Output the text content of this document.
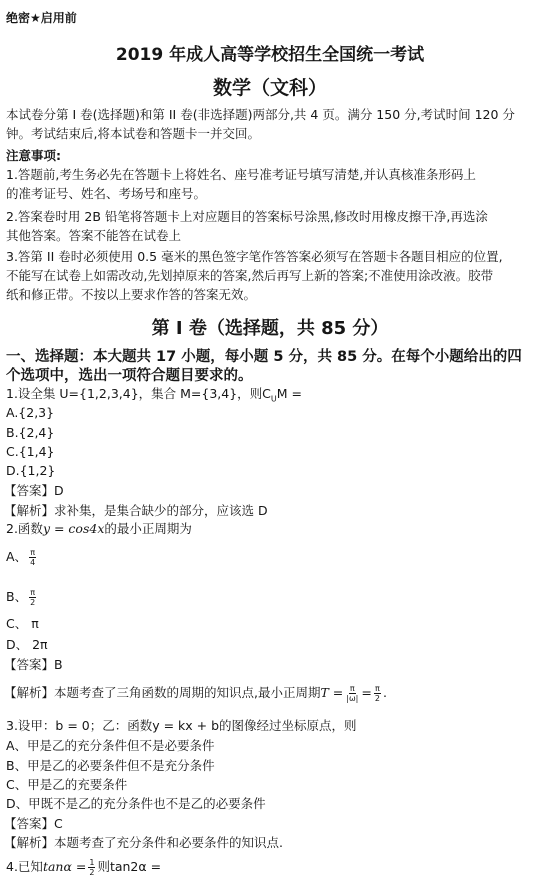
绝密★启用前
2019 年成人高等学校招生全国统一考试
数学（文科）
本试卷分第 I 卷(选择题)和第 II 卷(非选择题)两部分,共 4 页。满分 150 分,考试时间 120 分
钟。考试结束后,将本试卷和答题卡一并交回。
注意事项:
1.答题前,考生务必先在答题卡上将姓名、座号准考证号填写清楚,并认真核准条形码上
的准考证号、姓名、考场号和座号。
2.答案卷时用 2B 铅笔将答题卡上对应题目的答案标号涂黑,修改时用橡皮擦干净,再选涂
其他答案。答案不能答在试卷上
3.答第 II 卷时必须使用 0.5 毫米的黑色签字笔作答答案必须写在答题卡各题目相应的位置,
不能写在试卷上如需改动,先划掉原来的答案,然后再写上新的答案;不准使用涂改液。胶带
纸和修正带。不按以上要求作答的答案无效。
第 I 卷（选择题，共 85 分）
一、选择题：本大题共 17 小题，每小题 5 分，共 85 分。在每个小题给出的四
个选项中，选出一项符合题目要求的。
1.设全集 U={1,2,3,4}，集合 M={3,4}，则$C_UM$ =
A.{2,3}
B.{2,4}
C.{1,4}
D.{1,2}
【答案】D
【解析】求补集，是集合缺少的部分，应该选 D
2.函数y = cos4x的最小正周期为
A、 $\frac{\pi}{4}$
B、 $\frac{\pi}{2}$
C、 π
D、 2π
【答案】B
【解析】本题考查了三角函数的周期的知识点,最小正周期$T = \frac{\pi}{|\omega|} = \frac{\pi}{2}$ .
3.设甲：b = 0；乙：函数y = kx + b的图像经过坐标原点，则
A、甲是乙的充分条件但不是必要条件
B、甲是乙的必要条件但不是充分条件
C、甲是乙的充要条件
D、甲既不是乙的充分条件也不是乙的必要条件
【答案】C
【解析】本题考查了充分条件和必要条件的知识点.
4.已知$\tan\alpha = \frac{1}{2}$ 则tan2α =
